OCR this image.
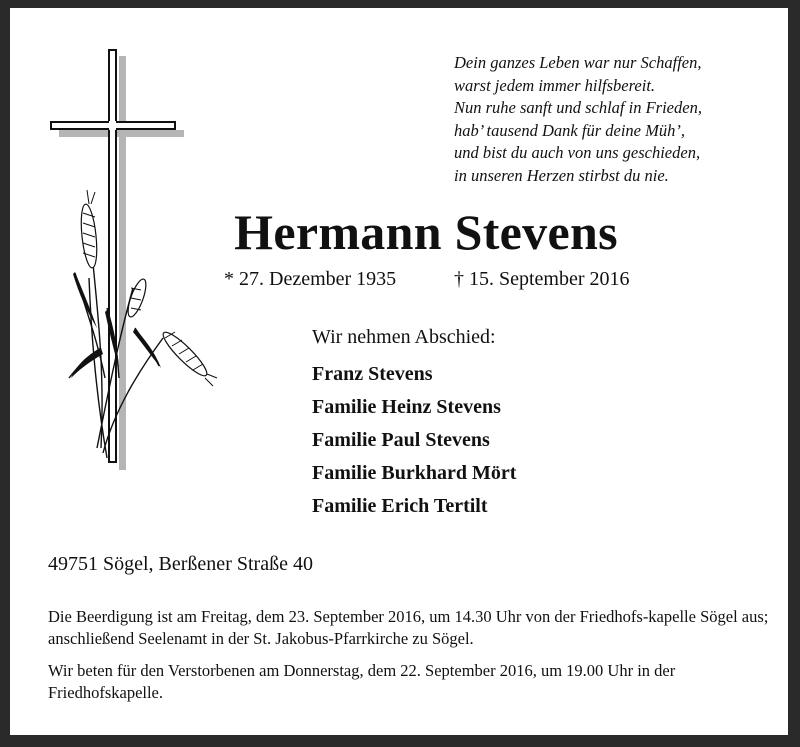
Dein ganzes Leben war nur Schaffen,
warst jedem immer hilfsbereit.
Nun ruhe sanft und schlaf in Frieden,
hab’ tausend Dank für deine Müh’,
und bist du auch von uns geschieden,
in unseren Herzen stirbst du nie.
Hermann Stevens
* 27. Dezember 1935	† 15. September 2016
Wir nehmen Abschied:
Franz Stevens
Familie Heinz Stevens
Familie Paul Stevens
Familie Burkhard Mört
Familie Erich Tertilt
49751 Sögel, Berßener Straße 40
Die Beerdigung ist am Freitag, dem 23. September 2016, um 14.30 Uhr von der Friedhofs-kapelle Sögel aus; anschließend Seelenamt in der St. Jakobus-Pfarrkirche zu Sögel.
Wir beten für den Verstorbenen am Donnerstag, dem 22. September 2016, um 19.00 Uhr in der Friedhofskapelle.
